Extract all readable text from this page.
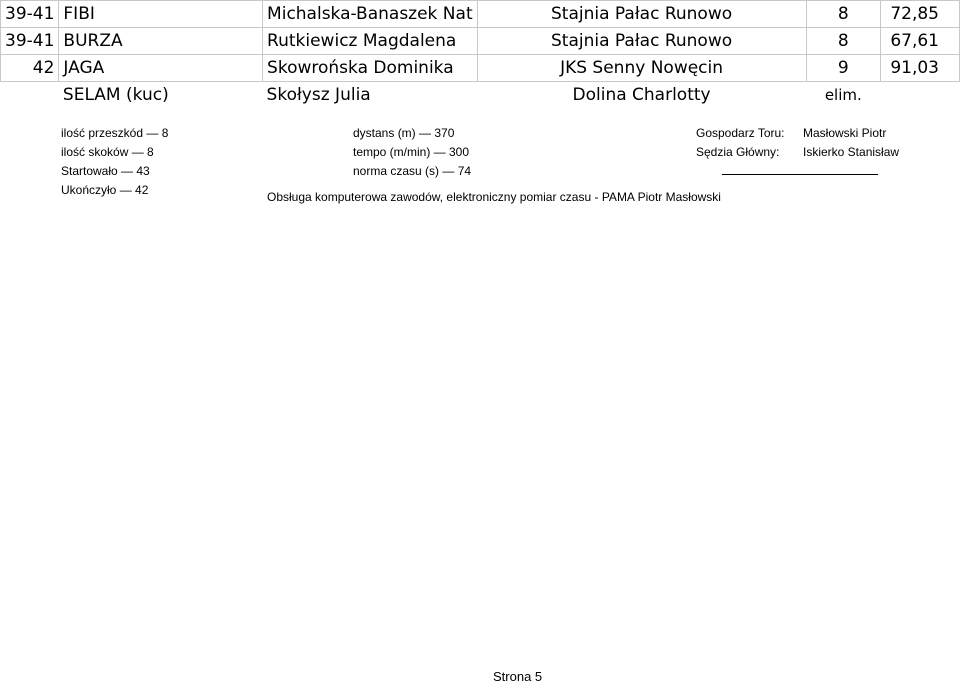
39-41	FIBI	Michalska-Banaszek Nat	Stajnia Pałac Runowo	8	72,85
39-41	BURZA	Rutkiewicz Magdalena	Stajnia Pałac Runowo	8	67,61
42	JAGA	Skowrońska Dominika	JKS Senny Nowęcin	9	91,03
	SELAM (kuc)	Skołysz Julia	Dolina Charlotty	elim.	
ilość przeszkód — 8
ilość skoków — 8
Startowało — 43
Ukończyło — 42
dystans (m) — 370
tempo (m/min) — 300
norma czasu (s) — 74
Gospodarz Toru:	Masłowski Piotr
Sędzia Główny:	Iskierko Stanisław
Obsługa komputerowa zawodów, elektroniczny pomiar czasu - PAMA Piotr Masłowski
Strona 5
